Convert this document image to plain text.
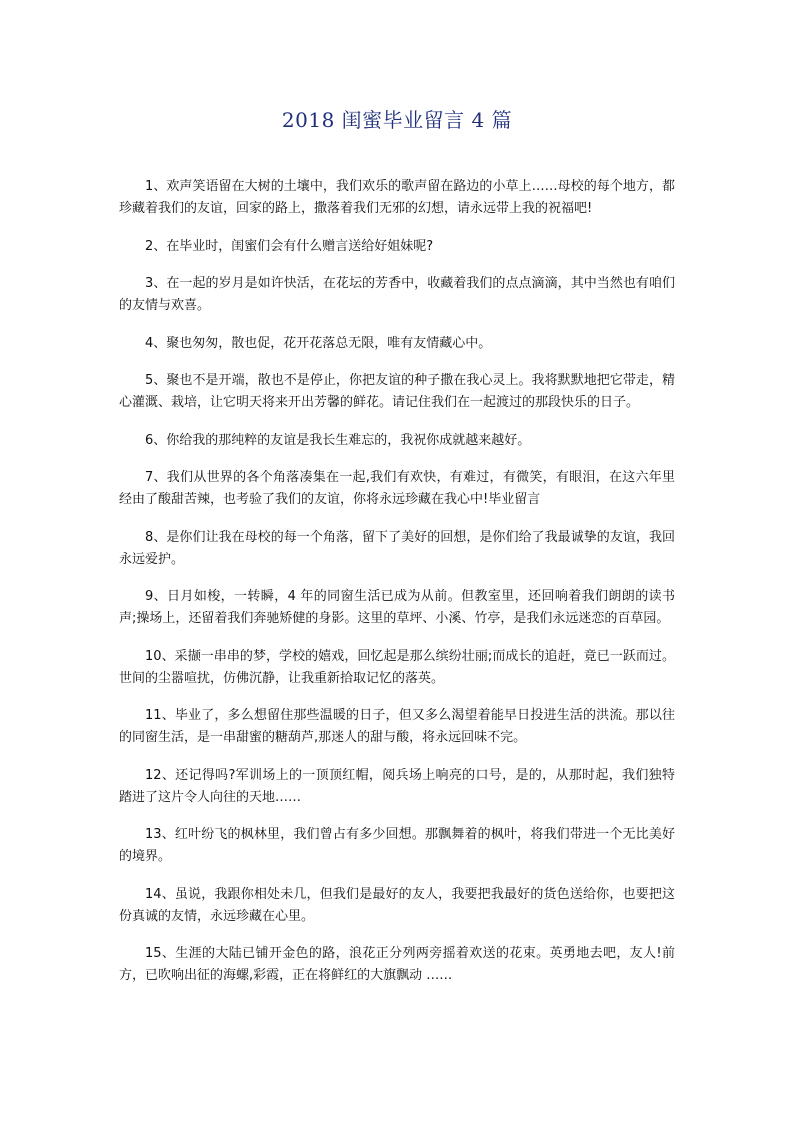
2018 闺蜜毕业留言 4 篇

1、欢声笑语留在大树的土壤中，我们欢乐的歌声留在路边的小草上……母校的每个地方，都珍藏着我们的友谊，回家的路上，撒落着我们无邪的幻想，请永远带上我的祝福吧!

2、在毕业时，闺蜜们会有什么赠言送给好姐妹呢?

3、在一起的岁月是如许快活，在花坛的芳香中，收藏着我们的点点滴滴，其中当然也有咱们的友情与欢喜。

4、聚也匆匆，散也促，花开花落总无限，唯有友情藏心中。

5、聚也不是开端，散也不是停止，你把友谊的种子撒在我心灵上。我将默默地把它带走，精心灌溉、栽培，让它明天将来开出芳馨的鲜花。请记住我们在一起渡过的那段快乐的日子。

6、你给我的那纯粹的友谊是我长生难忘的，我祝你成就越来越好。

7、我们从世界的各个角落凑集在一起,我们有欢快，有难过，有微笑，有眼泪，在这六年里经由了酸甜苦辣，也考验了我们的友谊，你将永远珍藏在我心中!毕业留言

8、是你们让我在母校的每一个角落，留下了美好的回想，是你们给了我最诚挚的友谊，我回永远爱护。

9、日月如梭，一转瞬，4 年的同窗生活已成为从前。但教室里，还回响着我们朗朗的读书声;操场上，还留着我们奔驰矫健的身影。这里的草坪、小溪、竹亭，是我们永远迷恋的百草园。

10、采撷一串串的梦，学校的嬉戏，回忆起是那么缤纷壮丽;而成长的追赶，竟已一跃而过。世间的尘嚣喧扰，仿佛沉静，让我重新拾取记忆的落英。

11、毕业了，多么想留住那些温暖的日子，但又多么渴望着能早日投进生活的洪流。那以往的同窗生活，是一串甜蜜的糖葫芦,那迷人的甜与酸，将永远回味不完。

12、还记得吗?军训场上的一顶顶红帽，阅兵场上响亮的口号，是的，从那时起，我们独特踏进了这片令人向往的天地……

13、红叶纷飞的枫林里，我们曾占有多少回想。那飘舞着的枫叶，将我们带进一个无比美好的境界。

14、虽说，我跟你相处未几，但我们是最好的友人，我要把我最好的货色送给你，也要把这份真诚的友情，永远珍藏在心里。

15、生涯的大陆已铺开金色的路，浪花正分列两旁摇着欢送的花束。英勇地去吧，友人!前方，已吹响出征的海螺,彩霞，正在将鲜红的大旗飘动 ……
